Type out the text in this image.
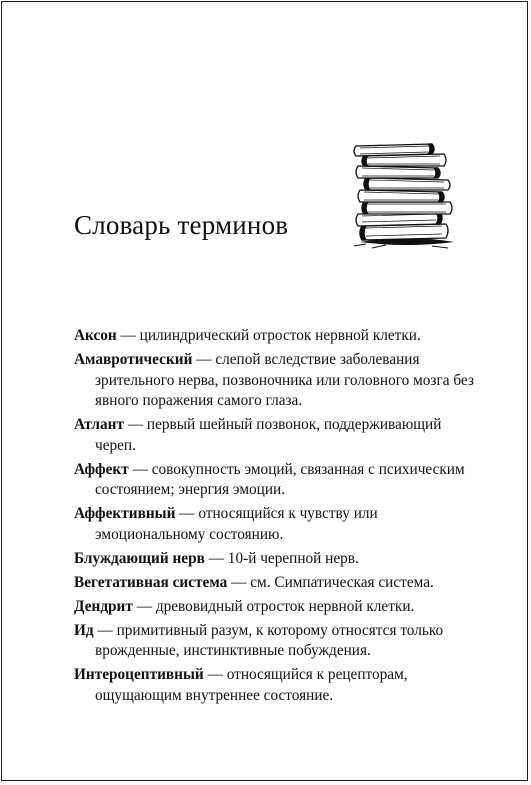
Словарь терминов

Аксон — цилиндрический отросток нервной клетки.

Амавротический — слепой вследствие заболевания зрительного нерва, позвоночника или головного мозга без явного поражения самого глаза.

Атлант — первый шейный позвонок, поддерживающий череп.

Аффект — совокупность эмоций, связанная с психическим состоянием; энергия эмоции.

Аффективный — относящийся к чувству или эмоциональному состоянию.

Блуждающий нерв — 10-й черепной нерв.

Вегетативная система — см. Симпатическая система.

Дендрит — древовидный отросток нервной клетки.

Ид — примитивный разум, к которому относятся только врожденные, инстинктивные побуждения.

Интероцептивный — относящийся к рецепторам, ощущающим внутреннее состояние.
